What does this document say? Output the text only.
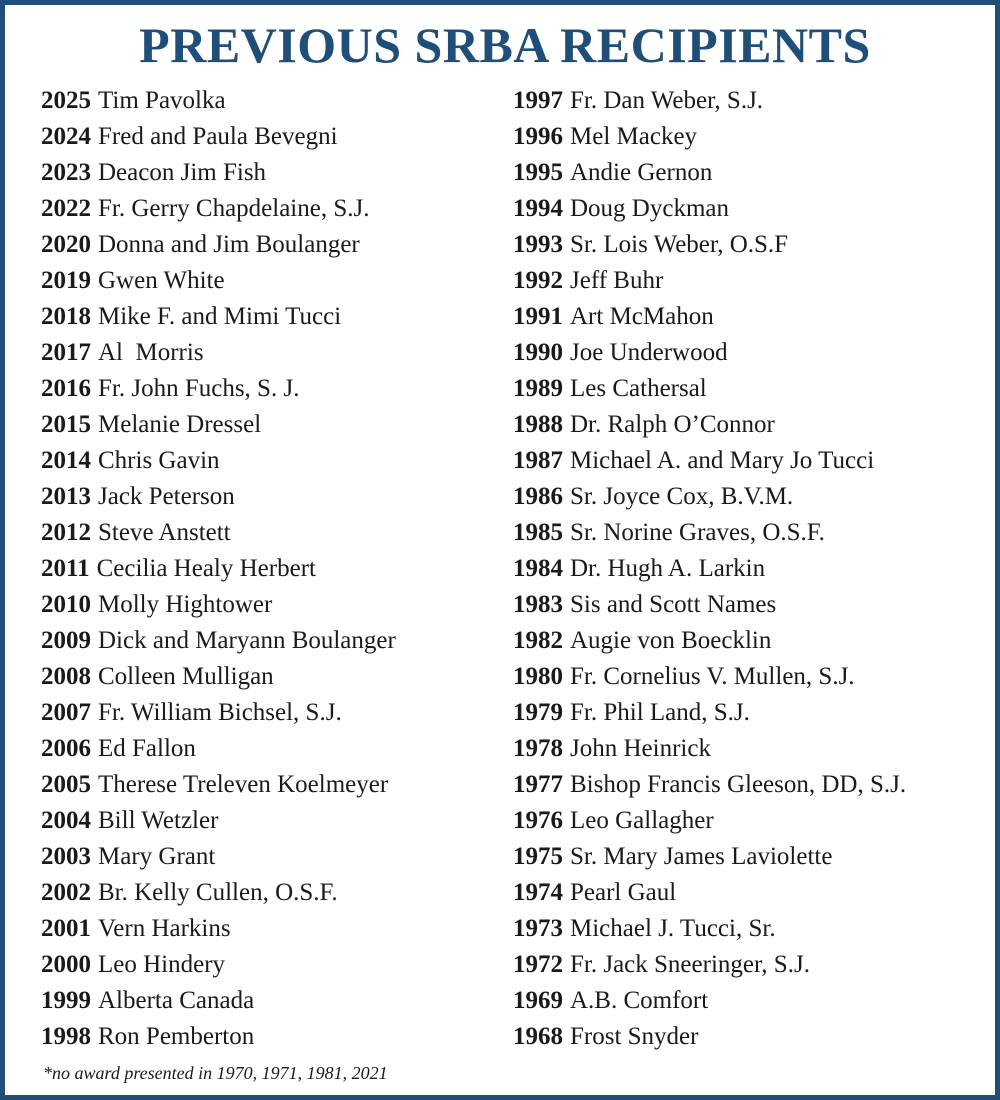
PREVIOUS SRBA RECIPIENTS
2025 Tim Pavolka
2024 Fred and Paula Bevegni
2023 Deacon Jim Fish
2022 Fr. Gerry Chapdelaine, S.J.
2020 Donna and Jim Boulanger
2019 Gwen White
2018 Mike F. and Mimi Tucci
2017 Al  Morris
2016 Fr. John Fuchs, S. J.
2015 Melanie Dressel
2014 Chris Gavin
2013 Jack Peterson
2012 Steve Anstett
2011 Cecilia Healy Herbert
2010 Molly Hightower
2009 Dick and Maryann Boulanger
2008 Colleen Mulligan
2007 Fr. William Bichsel, S.J.
2006 Ed Fallon
2005 Therese Treleven Koelmeyer
2004 Bill Wetzler
2003 Mary Grant
2002 Br. Kelly Cullen, O.S.F.
2001 Vern Harkins
2000 Leo Hindery
1999 Alberta Canada
1998 Ron Pemberton
1997 Fr. Dan Weber, S.J.
1996 Mel Mackey
1995 Andie Gernon
1994 Doug Dyckman
1993 Sr. Lois Weber, O.S.F
1992 Jeff Buhr
1991 Art McMahon
1990 Joe Underwood
1989 Les Cathersal
1988 Dr. Ralph O’Connor
1987 Michael A. and Mary Jo Tucci
1986 Sr. Joyce Cox, B.V.M.
1985 Sr. Norine Graves, O.S.F.
1984 Dr. Hugh A. Larkin
1983 Sis and Scott Names
1982 Augie von Boecklin
1980 Fr. Cornelius V. Mullen, S.J.
1979 Fr. Phil Land, S.J.
1978 John Heinrick
1977 Bishop Francis Gleeson, DD, S.J.
1976 Leo Gallagher
1975 Sr. Mary James Laviolette
1974 Pearl Gaul
1973 Michael J. Tucci, Sr.
1972 Fr. Jack Sneeringer, S.J.
1969 A.B. Comfort
1968 Frost Snyder
*no award presented in 1970, 1971, 1981, 2021
